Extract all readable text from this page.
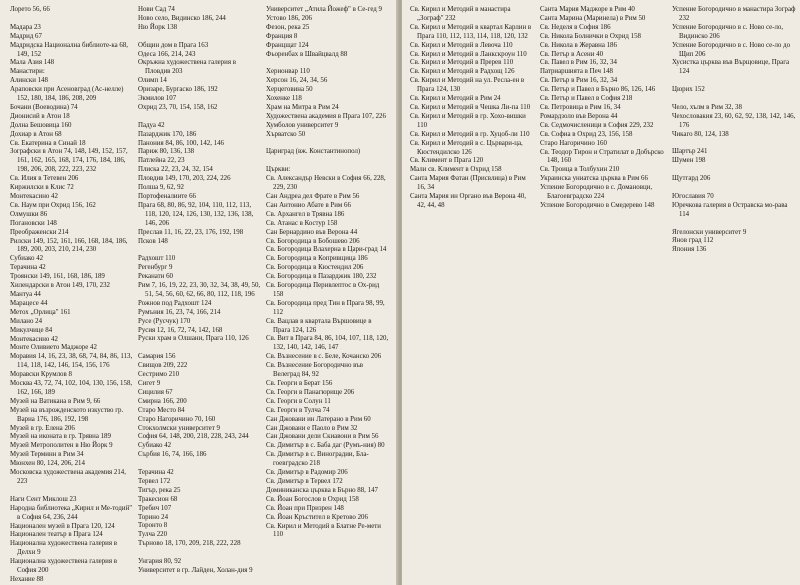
Лорето 56, 66
Мадара 23
Мадрид 67
Мадридска Национална библиоте-ка 68, 149, 152
Мала Азия 148
Манастири:
Алински 148
Араповски при Асеновград (Ас-нелле) 152, 180, 184, 186, 208, 209
Бочани (Воеводина) 74
Дионисий в Атон 18
Долна Бешовица 160
Дохиар в Атон 68
Св. Екатерина в Синай 18
Зографски в Атон 74, 148, 149, 152, 157, 161, 162, 165, 168, 174, 176, 184, 186, 198, 206, 208, 222, 223, 232
Св. Илия в Тетевен 206
Киржилски в Клис 72
Монтекасино 42
Св. Наум при Охрид 156, 162
Олмушки 86
Погановски 148
Преображенски 214
Рилски 149, 152, 161, 166, 168, 184, 186, 189, 200, 203, 210, 214, 230
Субиако 42
Терачина 42
Троянски 149, 161, 168, 186, 189
Хилендарски в Атон 149, 170, 232
Мантуа 44
Марацесе 44
Метох „Орлица" 161
Милано 24
Микулчице 84
Монтекасино 42
Монте Оливието Маджоре 42
Моравия 14, 16, 23, 38, 68, 74, 84, 86, 113, 114, 118, 142, 146, 154, 156, 176
Моравски Крумлов 8
Москва 43, 72, 74, 102, 104, 130, 156, 158, 162, 166, 189
Музей на Ватикана в Рим 9, 66
Музей на възрожденското изкуство гр. Варна 176, 186, 192, 198
Музей в гр. Елена 206
Музей на иконата в гр. Трявна 189
Музей Метрополитен в Ню Йорк 9
Музей Терминн в Рим 34
Мюнхен 80, 124, 206, 214
Московска художествена академия 214, 223
Наги Сент Миклош 23
Народна библиотека „Кирил и Ме-тодий" в София 64, 236, 244
Национален музей в Прага 120, 124
Национален театър в Прага 124
Национална художествена галерия в Делхи 9
Национална художествена галерия в София 200
Нехание 88
Нови Сад 74
Ново село, Видинско 186, 244
Ню Йорк 138
Общин дом в Прага 163
Одеса 166, 214, 243
Окръжна художествена галерия в Пловдив 203
Олимп 14
Оризаре, Бургаско 186, 192
Экмилов 107
Охрид 23, 70, 154, 158, 162
Падуа 42
Пазарджик 170, 186
Панония 84, 86, 100, 142, 146
Париж 80, 136, 138
Патлейна 22, 23
Плиска 22, 23, 24, 32, 154
Пловдив 149, 170, 203, 224, 226
Полша 9, 62, 92
Портофеналиите 66
Прага 68, 80, 86, 92, 104, 110, 112, 113, 118, 120, 124, 126, 130, 132, 136, 138, 146, 206
Преслав 11, 16, 22, 23, 176, 192, 198
Псков 148
Радхошт 110
Регенбург 9
Реканати 60
Рим 7, 16, 19, 22, 23, 30, 32, 34, 38, 49, 50, 51, 54, 56, 60, 62, 66, 80, 112, 118, 196
Рожнов под Радхошт 124
Румъния 16, 23, 74, 166, 214
Русе (Русчук) 170
Русия 12, 16, 72, 74, 142, 168
Руски храм в Олшани, Прага 110, 126
Самария 156
Свищов 209, 222
Сестримо 210
Сигет 9
Сицилия 67
Смирна 166, 200
Старо Место 84
Старо Нагоричино 70, 160
Стокхолмски университет 9
София 64, 148, 200, 218, 228, 243, 244
Субиако 42
Сърбия 16, 74, 166, 186
Терачина 42
Тервел 172
Тигър, река 25
Тракесион 68
Требич 107
Торино 24
Торонто 8
Тулча 220
Търново 18, 170, 209, 218, 222, 228
Унгария 80, 92
Университет в гр. Лайден, Холан-дия 9
Университет „Атила Йожеф" в Се-гед 9
Устово 186, 206
Фезон, река 25
Франция 8
Францщат 124
Фьоренбах в Швайцвалд 88
Херионвар 110
Херсон 16, 24, 34, 56
Херцеговина 50
Хохенке 118
Храм на Митра в Рим 24
Художествена академия в Прага 107, 226
Хумболов университет 9
Хърватско 50
Цариград (вж. Константинопол)
Църкви:
Св. Александър Невски в София 66, 228, 229, 230
Сан Андреа дел Фрате в Рим 56
Сан Антонио Абате в Рим 66
Св. Архангел в Трявна 186
Св. Атанас в Костур 158
Сан Бернардино във Верона 44
Св. Богородица в Бобошево 206
Св. Богородица Влахерна в Цари-град 14
Св. Богородица в Копривщица 186
Св. Богородица в Кюстендил 206
Св. Богородица в Пазарджик 180, 232
Св. Богородица Перивлептос в Ох-рид 158
Св. Богородица пред Тин в Прага 98, 99, 112
Св. Вацлав в квартала Вършовице в Прага 124, 126
Св. Вит в Прага 84, 86, 104, 107, 118, 120, 132, 140, 142, 146, 147
Св. Възнесение в с. Беле, Кочанско 206
Св. Възнесение Богородично във Велеград 84, 92
Св. Георги в Берат 156
Св. Георги в Панагюрище 206
Св. Георги в Солун 11
Св. Георги в Тулча 74
Сан Джовани ин Латерано в Рим 60
Сан Джовани е Паоло в Рим 32
Сан Джовани дели Скиавони в Рим 56
Св. Димитър в с. Баба даг (Румъ-ния) 80
Св. Димитър в с. Виноградии, Бла-гоевградско 218
Св. Димитър в Радомир 206
Св. Димитър в Тервел 172
Доминиканска църква в Бърно 88, 147
Св. Йоан Богослов в Охрид 158
Св. Йоан при Призрен 148
Св. Йоан Кръстител в Кретово 206
Св. Кирил и Методий в Блатне Ре-мети 110
Св. Кирил и Методий в манастира „Зограф" 232
Св. Кирил и Методий в квартал Карлин в Прага 110, 112, 113, 114, 118, 120, 132
Св. Кирил и Методий в Левоча 110
Св. Кирил и Методий в Ланкскроун 110
Св. Кирил и Методий в Пререв 110
Св. Кирил и Методий в Радхощ 126
Св. Кирил и Методий на ул. Ресла-ен в Прага 124, 130
Св. Кирил и Методий в Рим 24
Св. Кирил и Методий в Чешка Ли-па 110
Св. Кирил и Методий в гр. Хохо-вишки 110
Св. Кирил и Методий в гр. Хуцоб-ли 110
Св. Кирил и Методий в с. Цървари-ца, Кюстендилско 126
Св. Климент в Прага 120
Мали св. Климент в Охрид 158
Санта Мария Фатан (Присвлица) в Рим 16, 34
Санта Мария ин Органо във Верона 40, 42, 44, 48
Санта Мария Маджоре в Рим 40
Санта Марина (Маринела) в Рим 50
Св. Неделя в София 186
Св. Никола Болнички в Охрид 158
Св. Никола в Жеравна 186
Св. Петър в Асени 40
Св. Павел в Рим 16, 32, 34
Патриаршията в Печ 148
Св. Петър в Рим 16, 32, 34
Св. Петър и Павел в Бърно 86, 126, 146
Св. Петър и Павел в София 218
Св. Петровица в Рим 16, 34
Ромардзоло във Верона 44
Св. Седмочисленици в София 229, 232
Св. Софиа в Охрид 23, 156, 158
Старо Нагоричино 160
Св. Теодор Тирон и Стратилат в Добърско 148, 160
Св. Троица в Толбухин 210
Украинска униатска църква в Рим 66
Успение Богородично в с. Домановци, Благоевградско 224
Успение Богородично в Смедерево 148
Успение Богородично в манастира Зограф 232
Успение Богородично в с. Ново се-ло, Видинско 206
Успение Богородично в с. Ново се-ло до Щип 206
Хусистка църква във Върщовице, Прага 124
Цюрих 152
Чело, хълм в Рим 32, 38
Чехословакия 23, 60, 62, 92, 138, 142, 146, 176
Чикаго 80, 124, 138
Шартър 241
Шумен 198
Щутгард 206
Югославия 70
Юречкова галерия в Остравска мо-рава 114
Ягелонски университет 9
Янов град 112
Япония 136
